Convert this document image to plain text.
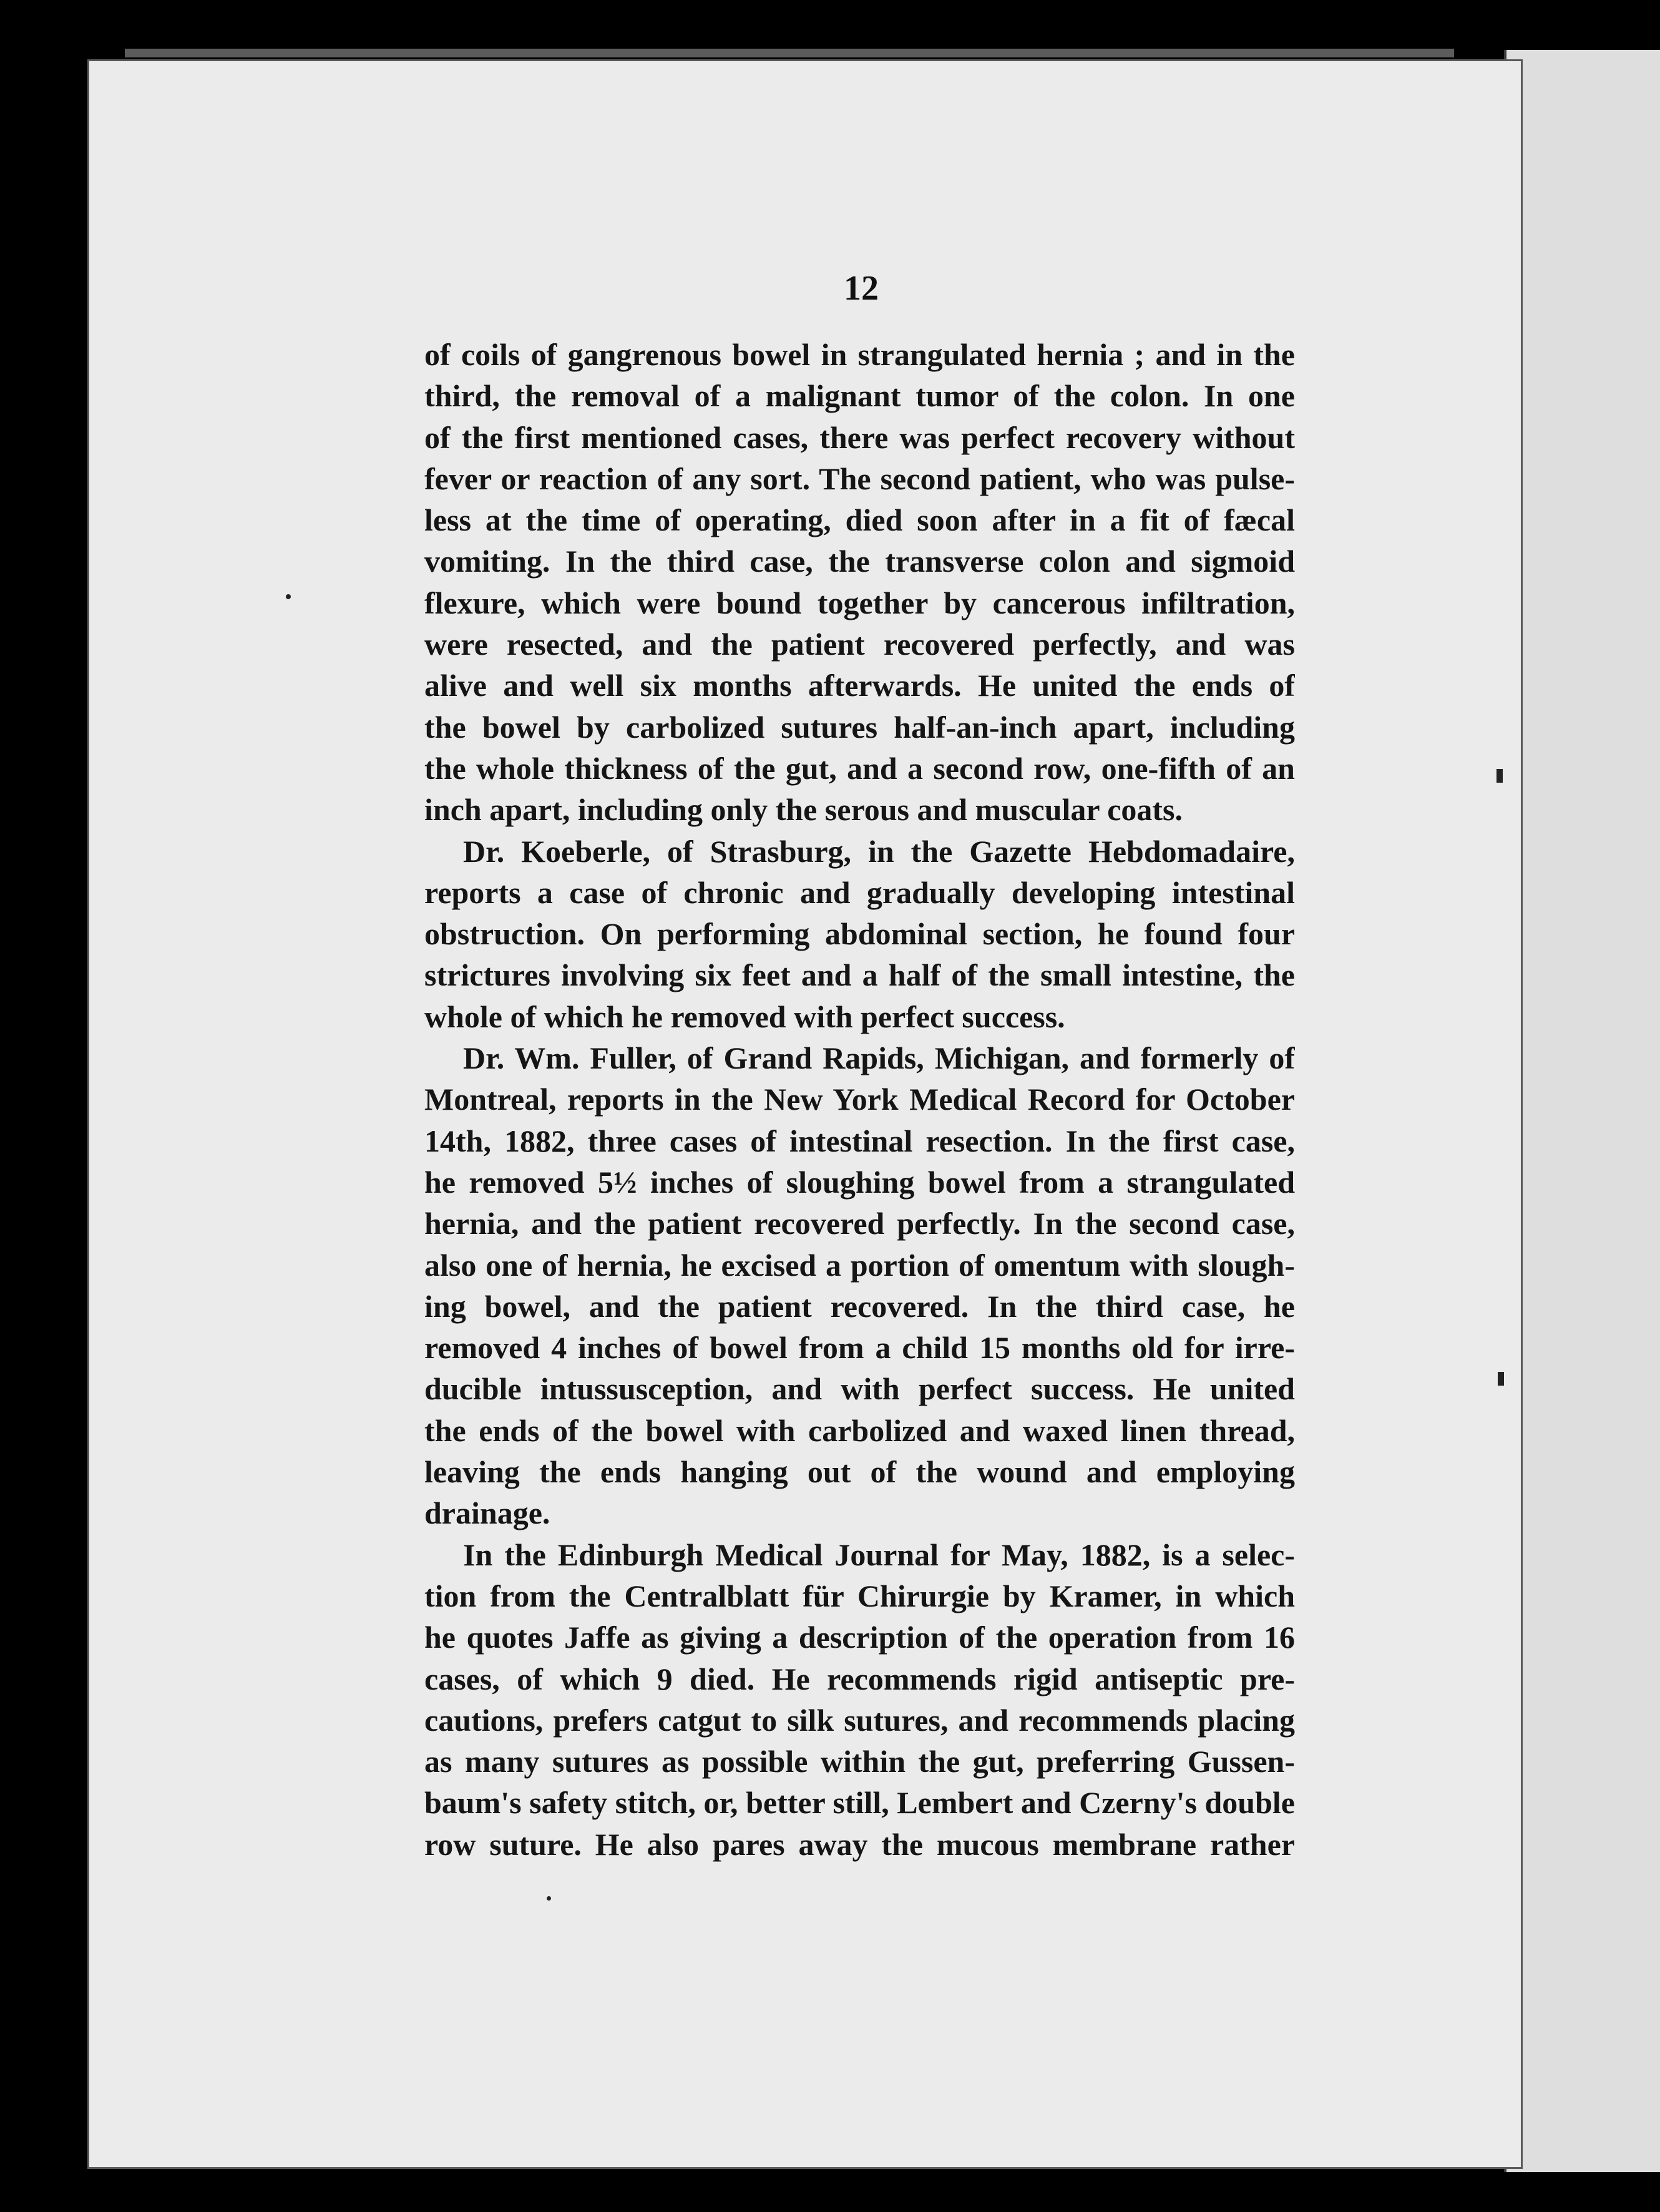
12
of coils of gangrenous bowel in strangulated hernia ; and in the
third, the removal of a malignant tumor of the colon. In one
of the first mentioned cases, there was perfect recovery without
fever or reaction of any sort. The second patient, who was pulse-
less at the time of operating, died soon after in a fit of fæcal
vomiting. In the third case, the transverse colon and sigmoid
flexure, which were bound together by cancerous infiltration,
were resected, and the patient recovered perfectly, and was
alive and well six months afterwards. He united the ends of
the bowel by carbolized sutures half-an-inch apart, including
the whole thickness of the gut, and a second row, one-fifth of an
inch apart, including only the serous and muscular coats.
Dr. Koeberle, of Strasburg, in the Gazette Hebdomadaire,
reports a case of chronic and gradually developing intestinal
obstruction. On performing abdominal section, he found four
strictures involving six feet and a half of the small intestine, the
whole of which he removed with perfect success.
Dr. Wm. Fuller, of Grand Rapids, Michigan, and formerly of
Montreal, reports in the New York Medical Record for October
14th, 1882, three cases of intestinal resection. In the first case,
he removed 5½ inches of sloughing bowel from a strangulated
hernia, and the patient recovered perfectly. In the second case,
also one of hernia, he excised a portion of omentum with slough-
ing bowel, and the patient recovered. In the third case, he
removed 4 inches of bowel from a child 15 months old for irre-
ducible intussusception, and with perfect success. He united
the ends of the bowel with carbolized and waxed linen thread,
leaving the ends hanging out of the wound and employing
drainage.
In the Edinburgh Medical Journal for May, 1882, is a selec-
tion from the Centralblatt für Chirurgie by Kramer, in which
he quotes Jaffe as giving a description of the operation from 16
cases, of which 9 died. He recommends rigid antiseptic pre-
cautions, prefers catgut to silk sutures, and recommends placing
as many sutures as possible within the gut, preferring Gussen-
baum's safety stitch, or, better still, Lembert and Czerny's double
row suture. He also pares away the mucous membrane rather
